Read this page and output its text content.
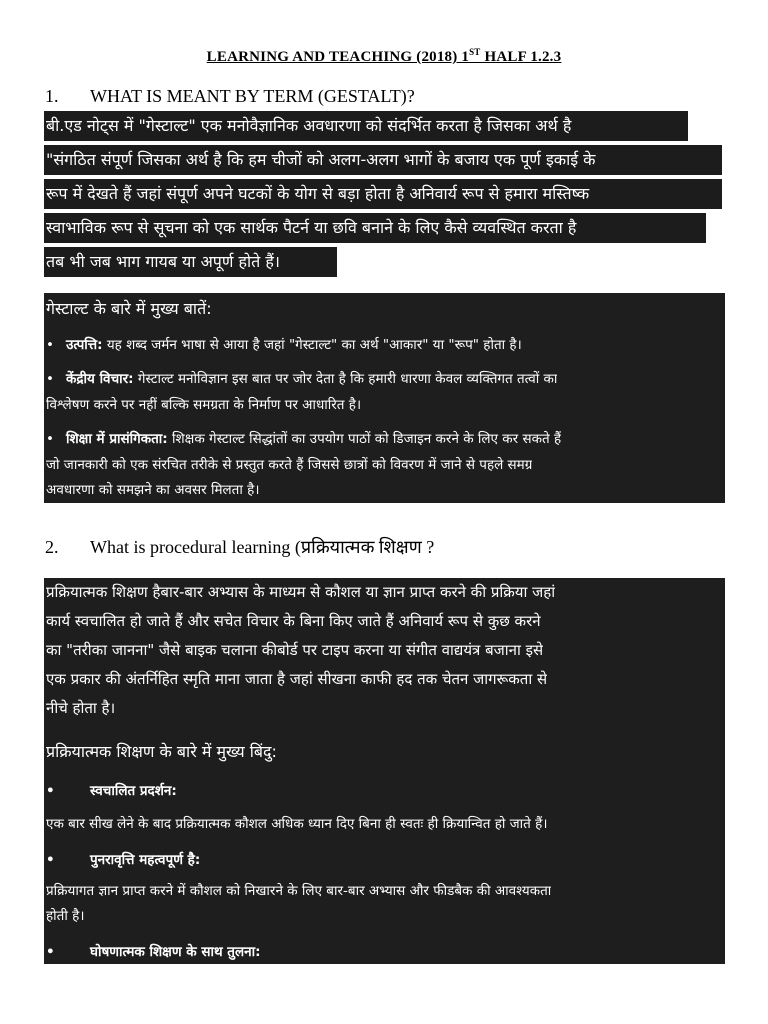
LEARNING AND TEACHING (2018) 1ST HALF 1.2.3
1. WHAT IS MEANT BY TERM (GESTALT)?
बी.एड नोट्स में "गेस्टाल्ट" एक मनोवैज्ञानिक अवधारणा को संदर्भित करता है जिसका अर्थ है
"संगठित संपूर्ण जिसका अर्थ है कि हम चीजों को अलग-अलग भागों के बजाय एक पूर्ण इकाई के
रूप में देखते हैं जहां संपूर्ण अपने घटकों के योग से बड़ा होता है अनिवार्य रूप से हमारा मस्तिष्क
स्वाभाविक रूप से सूचना को एक सार्थक पैटर्न या छवि बनाने के लिए कैसे व्यवस्थित करता है
तब भी जब भाग गायब या अपूर्ण होते हैं।
गेस्टाल्ट के बारे में मुख्य बातें:
• उत्पत्ति: यह शब्द जर्मन भाषा से आया है जहां "गेस्टाल्ट" का अर्थ "आकार" या "रूप" होता है।
• केंद्रीय विचार: गेस्टाल्ट मनोविज्ञान इस बात पर जोर देता है कि हमारी धारणा केवल व्यक्तिगत तत्वों का
विश्लेषण करने पर नहीं बल्कि समग्रता के निर्माण पर आधारित है।
• शिक्षा में प्रासंगिकता: शिक्षक गेस्टाल्ट सिद्धांतों का उपयोग पाठों को डिजाइन करने के लिए कर सकते हैं
जो जानकारी को एक संरचित तरीके से प्रस्तुत करते हैं जिससे छात्रों को विवरण में जाने से पहले समग्र
अवधारणा को समझने का अवसर मिलता है।
2. What is procedural learning (प्रक्रियात्मक शिक्षण ?
प्रक्रियात्मक शिक्षण हैबार-बार अभ्यास के माध्यम से कौशल या ज्ञान प्राप्त करने की प्रक्रिया जहां
कार्य स्वचालित हो जाते हैं और सचेत विचार के बिना किए जाते हैं अनिवार्य रूप से कुछ करने
का "तरीका जानना" जैसे बाइक चलाना कीबोर्ड पर टाइप करना या संगीत वाद्ययंत्र बजाना इसे
एक प्रकार की अंतर्निहित स्मृति माना जाता है जहां सीखना काफी हद तक चेतन जागरूकता से
नीचे होता है।
प्रक्रियात्मक शिक्षण के बारे में मुख्य बिंदु:
•	स्वचालित प्रदर्शन:
एक बार सीख लेने के बाद प्रक्रियात्मक कौशल अधिक ध्यान दिए बिना ही स्वतः ही क्रियान्वित हो जाते हैं।
•	पुनरावृत्ति महत्वपूर्ण है:
प्रक्रियागत ज्ञान प्राप्त करने में कौशल को निखारने के लिए बार-बार अभ्यास और फीडबैक की आवश्यकता
होती है।
•	घोषणात्मक शिक्षण के साथ तुलना:
